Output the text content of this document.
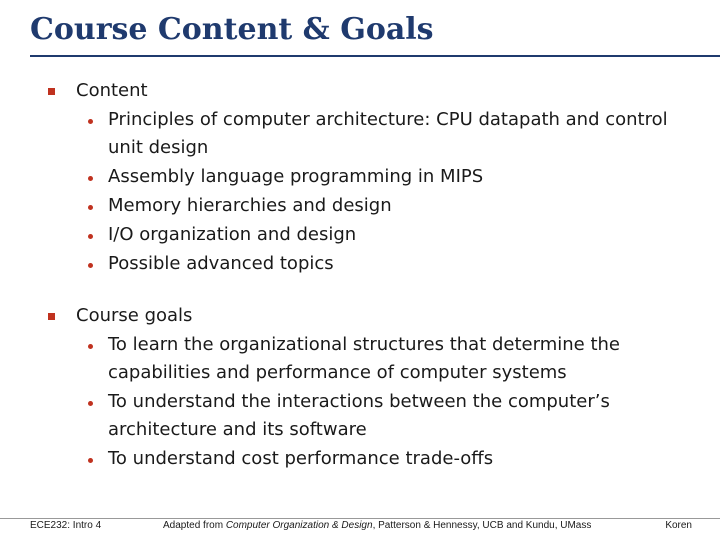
Course Content & Goals
Content
Principles of computer architecture: CPU datapath and control unit design
Assembly language programming in MIPS
Memory hierarchies and design
I/O organization and design
Possible advanced topics
Course goals
To learn the organizational structures that determine the capabilities and performance of computer systems
To understand the interactions between the computer’s architecture and its software
To understand cost performance trade-offs
ECE232: Intro 4	Adapted from Computer Organization & Design, Patterson & Hennessy, UCB and Kundu, UMass	Koren
